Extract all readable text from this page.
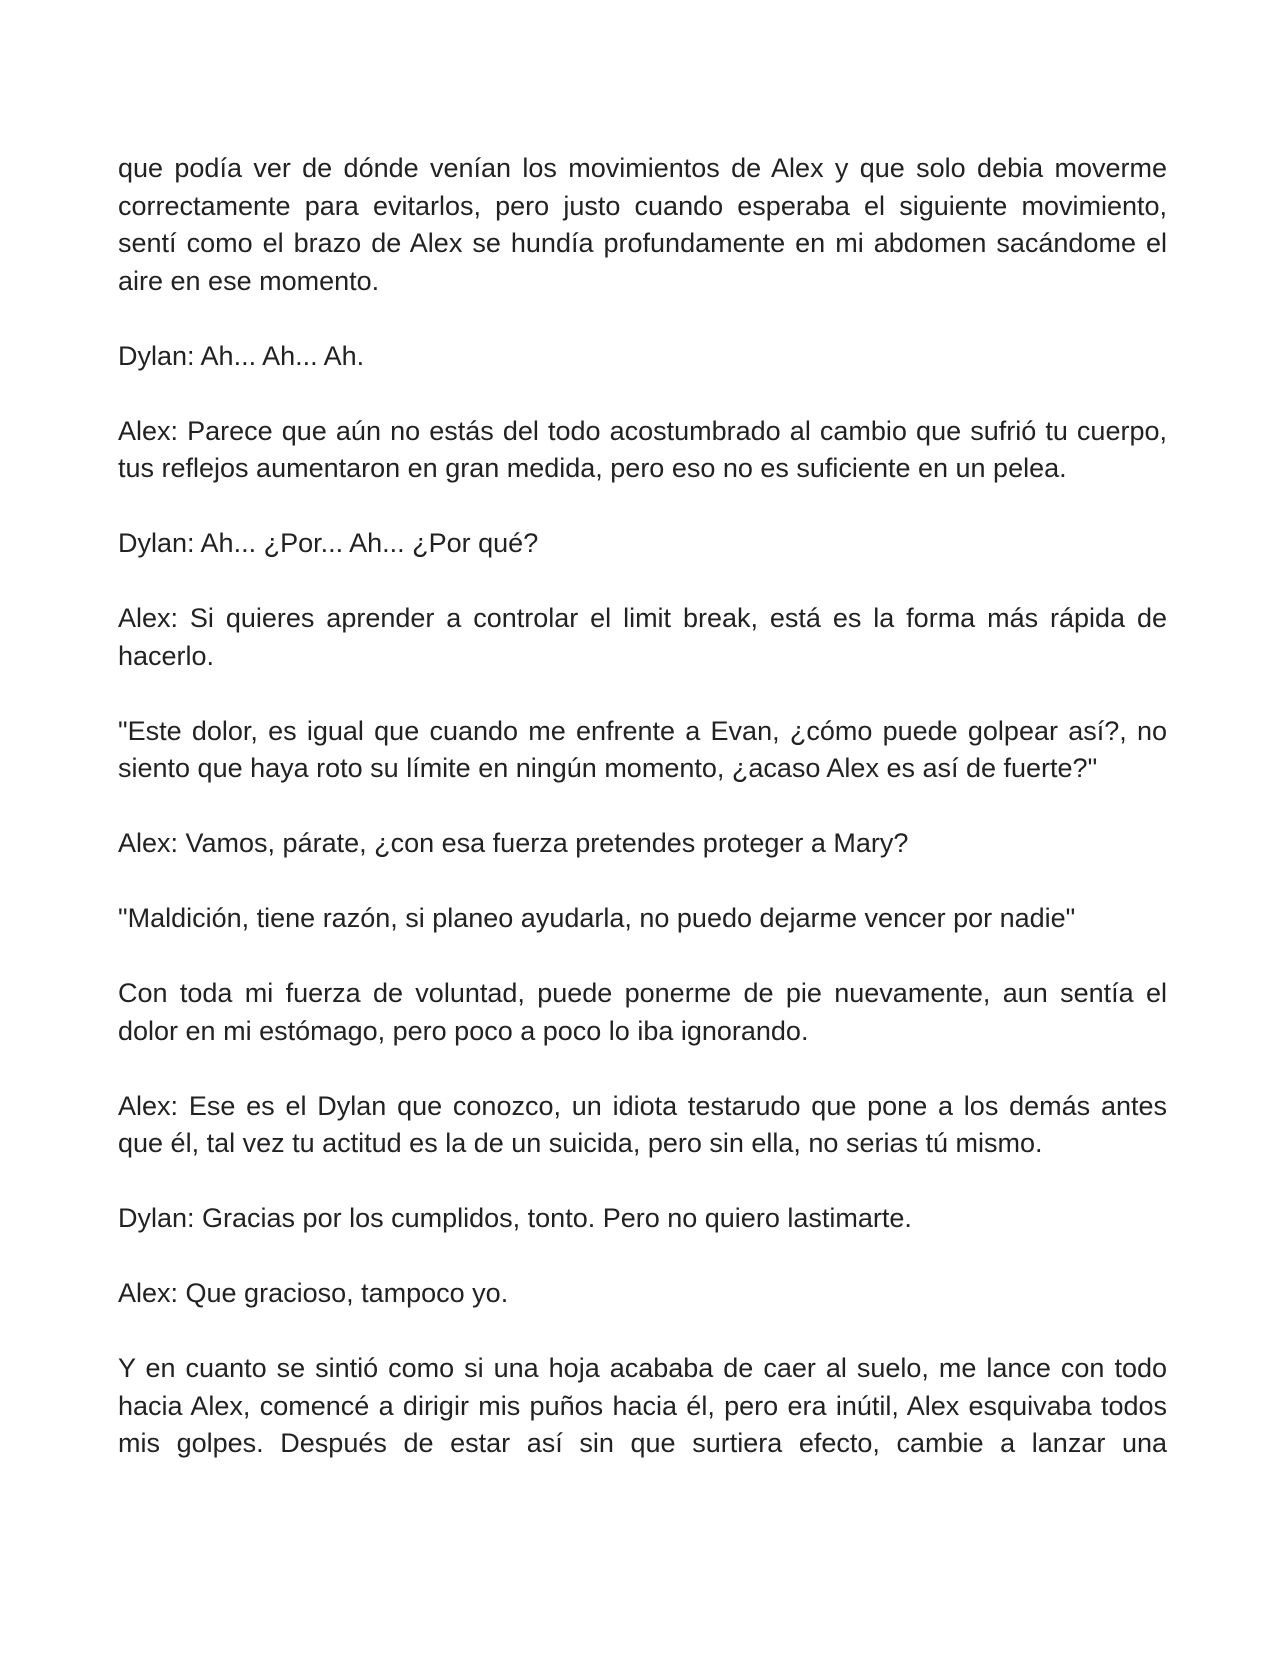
que podía ver de dónde venían los movimientos de Alex y que solo debia moverme correctamente para evitarlos, pero justo cuando esperaba el siguiente movimiento, sentí como el brazo de Alex se hundía profundamente en mi abdomen sacándome el aire en ese momento.

Dylan: Ah... Ah... Ah.

Alex: Parece que aún no estás del todo acostumbrado al cambio que sufrió tu cuerpo, tus reflejos aumentaron en gran medida, pero eso no es suficiente en un pelea.

Dylan: Ah... ¿Por... Ah... ¿Por qué?

Alex: Si quieres aprender a controlar el limit break, está es la forma más rápida de hacerlo.

"Este dolor, es igual que cuando me enfrente a Evan, ¿cómo puede golpear así?, no siento que haya roto su límite en ningún momento, ¿acaso Alex es así de fuerte?"

Alex: Vamos, párate, ¿con esa fuerza pretendes proteger a Mary?

"Maldición, tiene razón, si planeo ayudarla, no puedo dejarme vencer por nadie"

Con toda mi fuerza de voluntad, puede ponerme de pie nuevamente, aun sentía el dolor en mi estómago, pero poco a poco lo iba ignorando.

Alex: Ese es el Dylan que conozco, un idiota testarudo que pone a los demás antes que él, tal vez tu actitud es la de un suicida, pero sin ella, no serias tú mismo.

Dylan: Gracias por los cumplidos, tonto. Pero no quiero lastimarte.

Alex: Que gracioso, tampoco yo.

Y en cuanto se sintió como si una hoja acababa de caer al suelo, me lance con todo hacia Alex, comencé a dirigir mis puños hacia él, pero era inútil, Alex esquivaba todos mis golpes. Después de estar así sin que surtiera efecto, cambie a lanzar una
